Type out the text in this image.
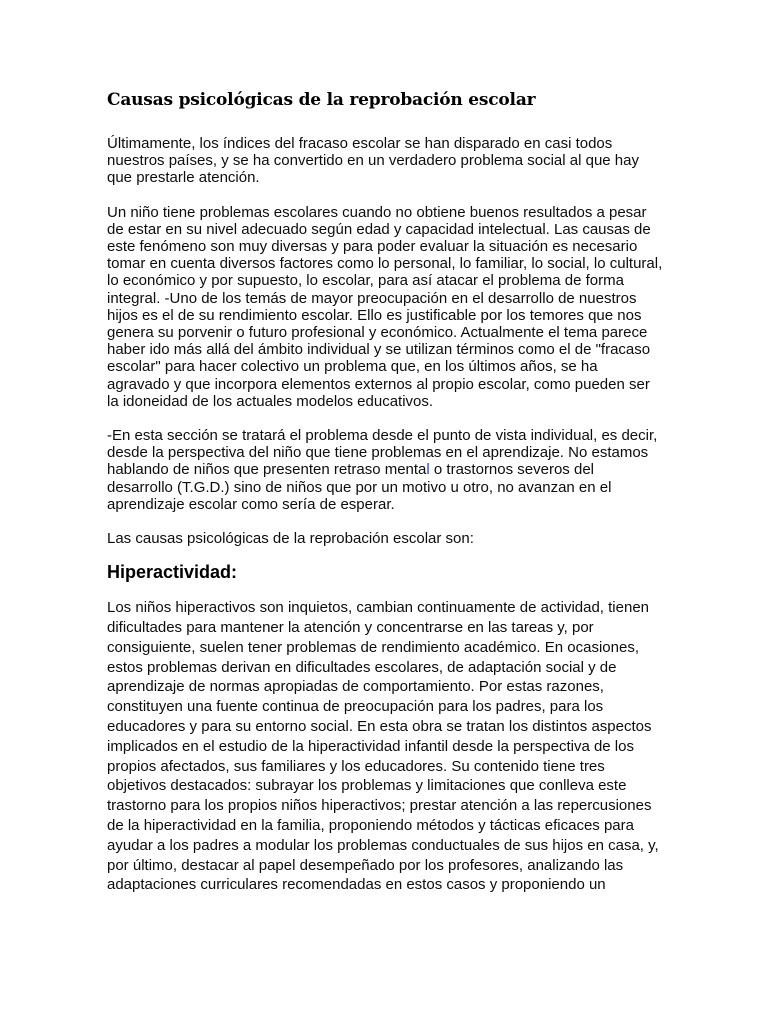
Causas psicológicas de la reprobación escolar

Últimamente, los índices del fracaso escolar se han disparado en casi todos nuestros países, y se ha convertido en un verdadero problema social al que hay que prestarle atención.

Un niño tiene problemas escolares cuando no obtiene buenos resultados a pesar de estar en su nivel adecuado según edad y capacidad intelectual. Las causas de este fenómeno son muy diversas y para poder evaluar la situación es necesario tomar en cuenta diversos factores como lo personal, lo familiar, lo social, lo cultural, lo económico y por supuesto, lo escolar, para así atacar el problema de forma integral. -Uno de los temás de mayor preocupación en el desarrollo de nuestros hijos es el de su rendimiento escolar. Ello es justificable por los temores que nos genera su porvenir o futuro profesional y económico. Actualmente el tema parece haber ido más allá del ámbito individual y se utilizan términos como el de "fracaso escolar" para hacer colectivo un problema que, en los últimos años, se ha agravado y que incorpora elementos externos al propio escolar, como pueden ser la idoneidad de los actuales modelos educativos.

-En esta sección se tratará el problema desde el punto de vista individual, es decir, desde la perspectiva del niño que tiene problemas en el aprendizaje. No estamos hablando de niños que presenten retraso mental o trastornos severos del desarrollo (T.G.D.) sino de niños que por un motivo u otro, no avanzan en el aprendizaje escolar como sería de esperar.

Las causas psicológicas de la reprobación escolar son:

Hiperactividad:

Los niños hiperactivos son inquietos, cambian continuamente de actividad, tienen dificultades para mantener la atención y concentrarse en las tareas y, por consiguiente, suelen tener problemas de rendimiento académico. En ocasiones, estos problemas derivan en dificultades escolares, de adaptación social y de aprendizaje de normas apropiadas de comportamiento. Por estas razones, constituyen una fuente continua de preocupación para los padres, para los educadores y para su entorno social. En esta obra se tratan los distintos aspectos implicados en el estudio de la hiperactividad infantil desde la perspectiva de los propios afectados, sus familiares y los educadores. Su contenido tiene tres objetivos destacados: subrayar los problemas y limitaciones que conlleva este trastorno para los propios niños hiperactivos; prestar atención a las repercusiones de la hiperactividad en la familia, proponiendo métodos y tácticas eficaces para ayudar a los padres a modular los problemas conductuales de sus hijos en casa, y, por último, destacar al papel desempeñado por los profesores, analizando las adaptaciones curriculares recomendadas en estos casos y proponiendo un
